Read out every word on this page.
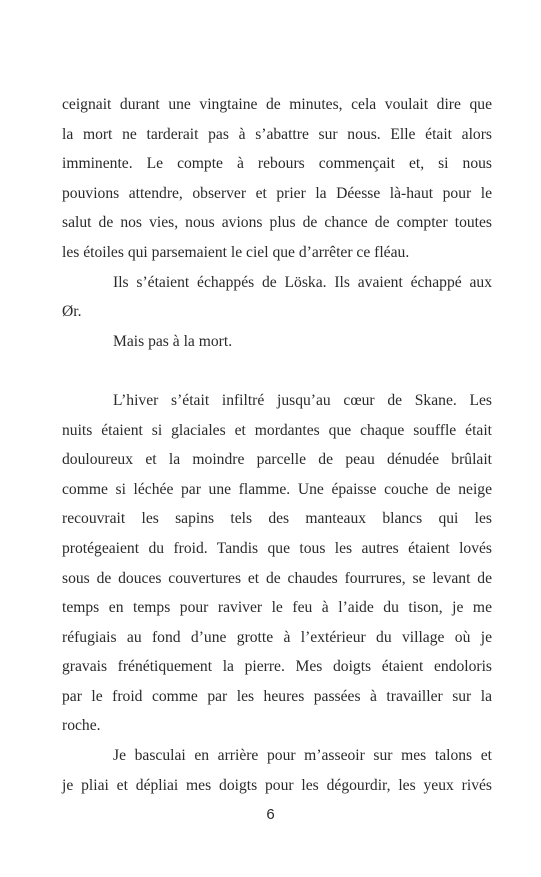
ceignait durant une vingtaine de minutes, cela voulait dire que
la mort ne tarderait pas à s’abattre sur nous. Elle était alors
imminente. Le compte à rebours commençait et, si nous
pouvions attendre, observer et prier la Déesse là-haut pour le
salut de nos vies, nous avions plus de chance de compter toutes
les étoiles qui parsemaient le ciel que d’arrêter ce fléau.
Ils s’étaient échappés de Löska. Ils avaient échappé aux
Ør.
Mais pas à la mort.
L’hiver s’était infiltré jusqu’au cœur de Skane. Les
nuits étaient si glaciales et mordantes que chaque souffle était
douloureux et la moindre parcelle de peau dénudée brûlait
comme si léchée par une flamme. Une épaisse couche de neige
recouvrait les sapins tels des manteaux blancs qui les
protégeaient du froid. Tandis que tous les autres étaient lovés
sous de douces couvertures et de chaudes fourrures, se levant de
temps en temps pour raviver le feu à l’aide du tison, je me
réfugiais au fond d’une grotte à l’extérieur du village où je
gravais frénétiquement la pierre. Mes doigts étaient endoloris
par le froid comme par les heures passées à travailler sur la
roche.
Je basculai en arrière pour m’asseoir sur mes talons et
je pliai et dépliai mes doigts pour les dégourdir, les yeux rivés
6
